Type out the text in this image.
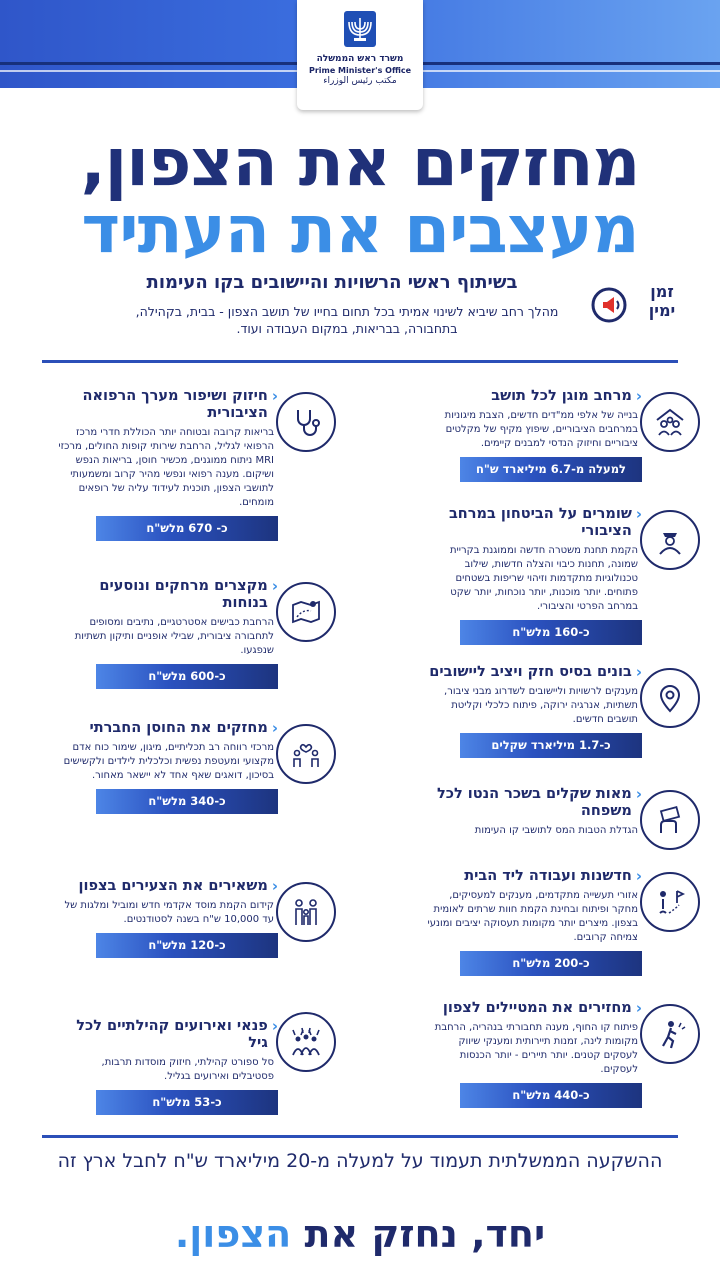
משרד ראש הממשלה
Prime Minister's Office
مكتب رئيس الوزراء
מחזקים את הצפון,
מעצבים את העתיד
בשיתוף ראשי הרשויות והיישובים בקו העימות
מהלך רחב שיביא לשינוי אמיתי בכל תחום בחייו של תושב הצפון - בבית, בקהילה, בתחבורה, בבריאות, במקום העבודה ועוד.
זמן ימין
‹
מרחב מוגן לכל תושב
בנייה של אלפי ממ"דים חדשים, הצבת מיגוניות במרחבים הציבוריים, שיפוץ מקיף של מקלטים ציבוריים וחיזוק הנדסי למבנים קיימים.
למעלה מ-6.7 מיליארד ש"ח
‹
שומרים על הביטחון במרחב הציבורי
הקמת תחנת משטרה חדשה וממוגנת בקריית שמונה, תחנות כיבוי והצלה חדשות, שילוב טכנולוגיות מתקדמות וזיהוי שריפות בשטחים פתוחים. יותר מוכנות, יותר נוכחות, יותר שקט במרחב הפרטי והציבורי.
כ-160 מלש"ח
‹
בונים בסיס חזק ויציב ליישובים
מענקים לרשויות וליישובים לשדרוג מבני ציבור, תשתיות, אנרגיה ירוקה, פיתוח כלכלי וקליטת תושבים חדשים.
כ-1.7 מיליארד שקלים
‹
מאות שקלים בשכר הנטו לכל משפחה
הגדלת הטבות המס לתושבי קו העימות
‹
חדשנות ועבודה ליד הבית
אזורי תעשייה מתקדמים, מענקים למעסיקים, מחקר ופיתוח ובחינת הקמת חוות שרתים לאומית בצפון. מיצרים יותר מקומות תעסוקה יציבים ומונעי צמיחה קרובים.
כ-200 מלש"ח
‹
מחזירים את המטיילים לצפון
פיתוח קו החוף, מענה תחבורתי בנהריה, הרחבת מקומות לינה, זמנות תיירותית ומענקי שיווק לעסקים קטנים. יותר תיירים - יותר הכנסות לעסקים.
כ-440 מלש"ח
‹
חיזוק ושיפור מערך הרפואה הציבורית
בריאות קרובה ובטוחה יותר הכוללת חדרי מרכז הרפואי לגליל, הרחבת שירותי קופות החולים, מרכזי MRI ניתוח ממוגנים, מכשיר חוסן, בריאות הנפש ושיקום. מענה רפואי ונפשי מהיר קרוב ומשמעותי לתושבי הצפון, תוכנית לעידוד עליה של רופאים מומחים.
כ- 670 מלש"ח
‹
מקצרים מרחקים ונוסעים בנוחות
הרחבת כבישים אסטרטגיים, נתיבים ומסופים לתחבורה ציבורית, שבילי אופניים ותיקון תשתיות שנפגעו.
כ-600 מלש"ח
‹
מחזקים את החוסן החברתי
מרכזי רווחה רב תכליתיים, מיגון, שימור כוח אדם מקצועי ומעטפת נפשית וכלכלית לילדים ולקשישים בסיכון, דואגים שאף אחד לא יישאר מאחור.
כ-340 מלש"ח
‹
משאירים את הצעירים בצפון
קידום הקמת מוסד אקדמי חדש ומוביל ומלגות של עד 10,000 ש"ח בשנה לסטודנטים.
כ-120 מלש"ח
‹
פנאי ואירועים קהילתיים לכל גיל
סל ספורט קהילתי, חיזוק מוסדות תרבות, פסטיבלים ואירועים בגליל.
כ-53 מלש"ח
ההשקעה הממשלתית תעמוד על למעלה מ-20 מיליארד ש"ח לחבל ארץ זה
יחד, נחזק את הצפון.
